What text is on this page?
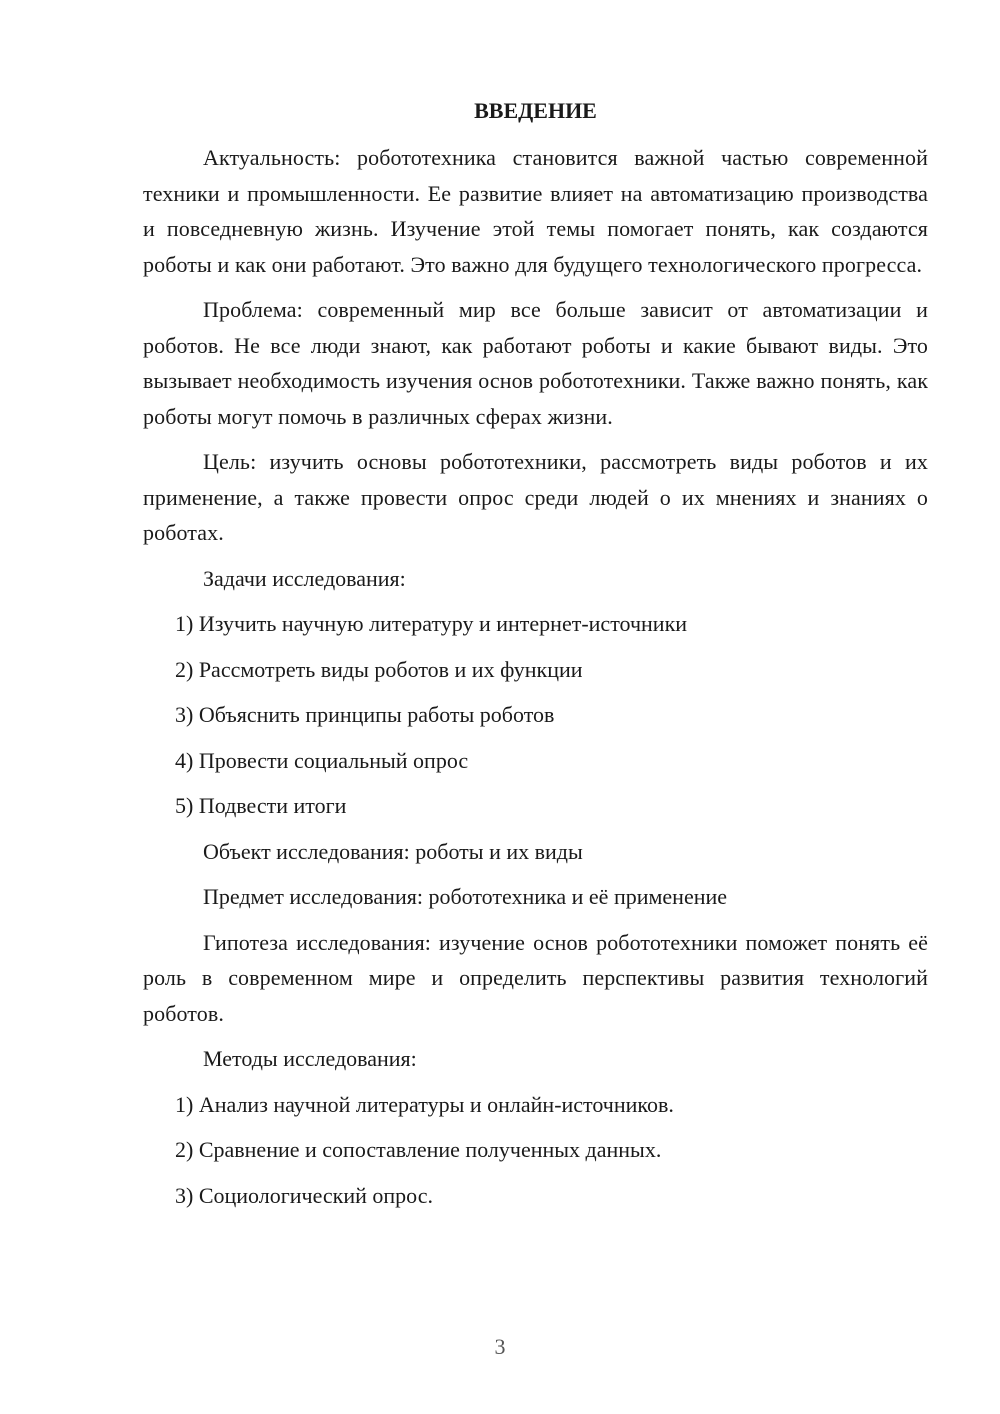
ВВЕДЕНИЕ

Актуальность: робототехника становится важной частью современной техники и промышленности. Ее развитие влияет на автоматизацию производства и повседневную жизнь. Изучение этой темы помогает понять, как создаются роботы и как они работают. Это важно для будущего технологического прогресса.

Проблема: современный мир все больше зависит от автоматизации и роботов. Не все люди знают, как работают роботы и какие бывают виды. Это вызывает необходимость изучения основ робототехники. Также важно понять, как роботы могут помочь в различных сферах жизни.

Цель: изучить основы робототехники, рассмотреть виды роботов и их применение, а также провести опрос среди людей о их мнениях и знаниях о роботах.

Задачи исследования:
1) Изучить научную литературу и интернет-источники
2) Рассмотреть виды роботов и их функции
3) Объяснить принципы работы роботов
4) Провести социальный опрос
5) Подвести итоги
Объект исследования: роботы и их виды
Предмет исследования: робототехника и её применение

Гипотеза исследования: изучение основ робототехники поможет понять её роль в современном мире и определить перспективы развития технологий роботов.

Методы исследования:
1) Анализ научной литературы и онлайн-источников.
2) Сравнение и сопоставление полученных данных.
3) Социологический опрос.
3
